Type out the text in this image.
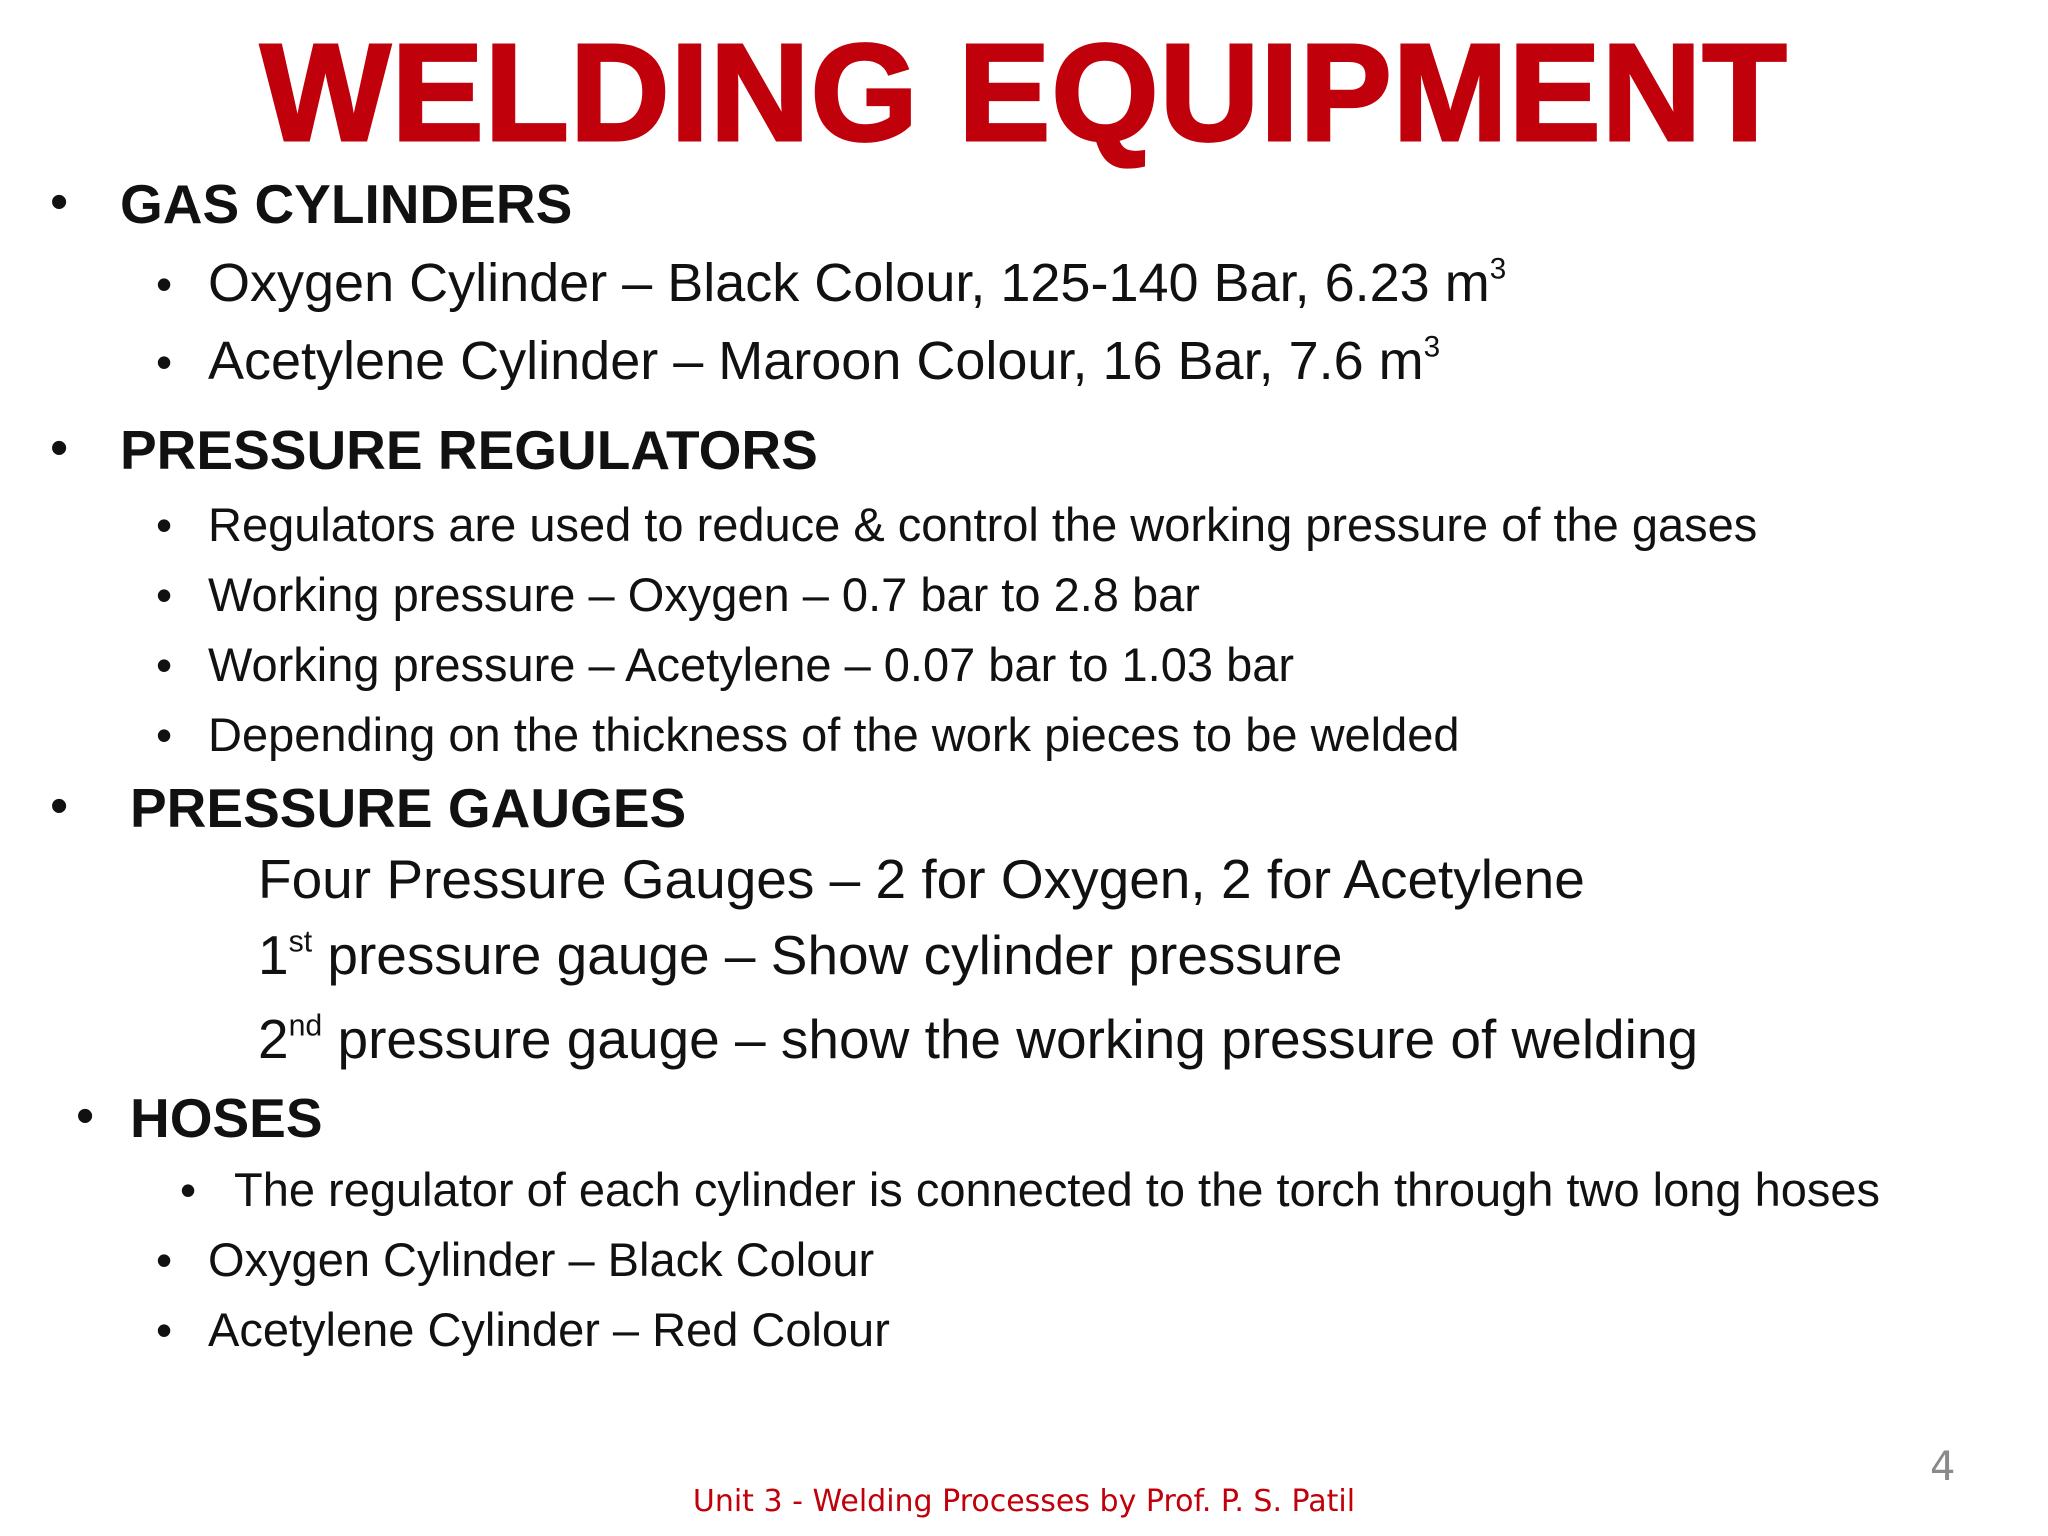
WELDING EQUIPMENT
• GAS CYLINDERS
• Oxygen Cylinder – Black Colour, 125-140 Bar, 6.23 $m^3$
• Acetylene Cylinder – Maroon Colour, 16 Bar, 7.6 $m^3$
• PRESSURE REGULATORS
• Regulators are used to reduce & control the working pressure of the gases
• Working pressure – Oxygen – 0.7 bar to 2.8 bar
• Working pressure – Acetylene – 0.07 bar to 1.03 bar
• Depending on the thickness of the work pieces to be welded
• PRESSURE GAUGES
Four Pressure Gauges – 2 for Oxygen, 2 for Acetylene
1st pressure gauge – Show cylinder pressure
2nd pressure gauge – show the working pressure of welding
• HOSES
• The regulator of each cylinder is connected to the torch through two long hoses
• Oxygen Cylinder – Black Colour
• Acetylene Cylinder – Red Colour
4
Unit 3 - Welding Processes by Prof. P. S. Patil
